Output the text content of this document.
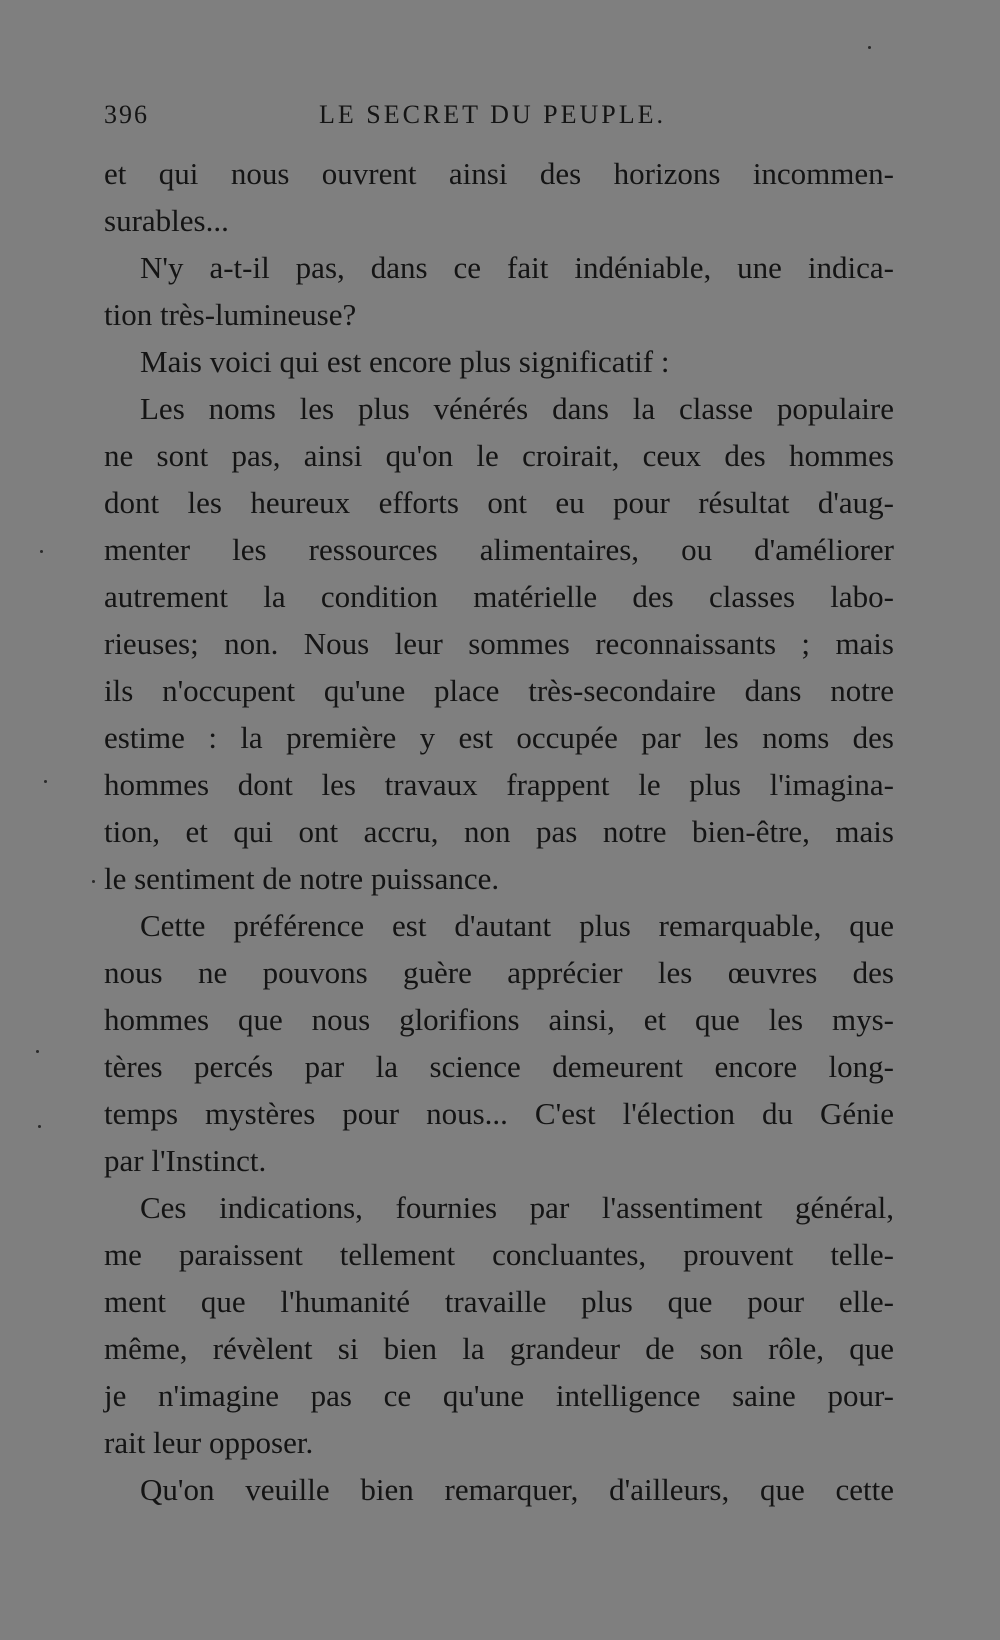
396	LE SECRET DU PEUPLE.
et qui nous ouvrent ainsi des horizons incommen-
surables...
N'y a-t-il pas, dans ce fait indéniable, une indica-
tion très-lumineuse?
Mais voici qui est encore plus significatif :
Les noms les plus vénérés dans la classe populaire
ne sont pas, ainsi qu'on le croirait, ceux des hommes
dont les heureux efforts ont eu pour résultat d'aug-
menter les ressources alimentaires, ou d'améliorer
autrement la condition matérielle des classes labo-
rieuses; non. Nous leur sommes reconnaissants ; mais
ils n'occupent qu'une place très-secondaire dans notre
estime : la première y est occupée par les noms des
hommes dont les travaux frappent le plus l'imagina-
tion, et qui ont accru, non pas notre bien-être, mais
le sentiment de notre puissance.
Cette préférence est d'autant plus remarquable, que
nous ne pouvons guère apprécier les œuvres des
hommes que nous glorifions ainsi, et que les mys-
tères percés par la science demeurent encore long-
temps mystères pour nous... C'est l'élection du Génie
par l'Instinct.
Ces indications, fournies par l'assentiment général,
me paraissent tellement concluantes, prouvent telle-
ment que l'humanité travaille plus que pour elle-
même, révèlent si bien la grandeur de son rôle, que
je n'imagine pas ce qu'une intelligence saine pour-
rait leur opposer.
Qu'on veuille bien remarquer, d'ailleurs, que cette
